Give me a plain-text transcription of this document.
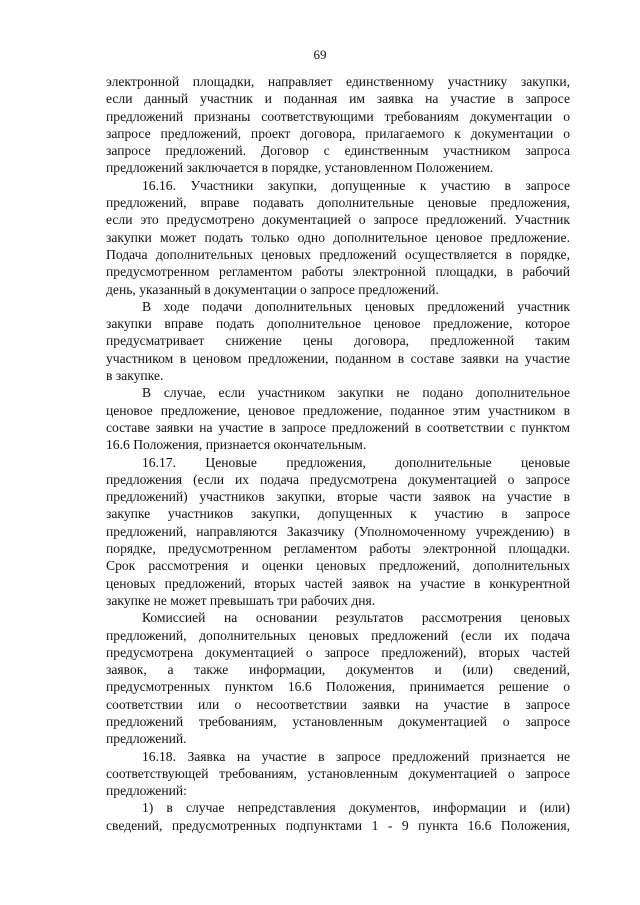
69
электронной площадки, направляет единственному участнику закупки,
если данный участник и поданная им заявка на участие в запросе
предложений признаны соответствующими требованиям документации о
запросе предложений, проект договора, прилагаемого к документации о
запросе предложений. Договор с единственным участником запроса
предложений заключается в порядке, установленном Положением.
16.16. Участники закупки, допущенные к участию в запросе
предложений, вправе подавать дополнительные ценовые предложения,
если это предусмотрено документацией о запросе предложений. Участник
закупки может подать только одно дополнительное ценовое предложение.
Подача дополнительных ценовых предложений осуществляется в порядке,
предусмотренном регламентом работы электронной площадки, в рабочий
день, указанный в документации о запросе предложений.
В ходе подачи дополнительных ценовых предложений участник
закупки вправе подать дополнительное ценовое предложение, которое
предусматривает снижение цены договора, предложенной таким
участником в ценовом предложении, поданном в составе заявки на участие
в закупке.
В случае, если участником закупки не подано дополнительное
ценовое предложение, ценовое предложение, поданное этим участником в
составе заявки на участие в запросе предложений в соответствии с пунктом
16.6 Положения, признается окончательным.
16.17. Ценовые предложения, дополнительные ценовые
предложения (если их подача предусмотрена документацией о запросе
предложений) участников закупки, вторые части заявок на участие в
закупке участников закупки, допущенных к участию в запросе
предложений, направляются Заказчику (Уполномоченному учреждению) в
порядке, предусмотренном регламентом работы электронной площадки.
Срок рассмотрения и оценки ценовых предложений, дополнительных
ценовых предложений, вторых частей заявок на участие в конкурентной
закупке не может превышать три рабочих дня.
Комиссией на основании результатов рассмотрения ценовых
предложений, дополнительных ценовых предложений (если их подача
предусмотрена документацией о запросе предложений), вторых частей
заявок, а также информации, документов и (или) сведений,
предусмотренных пунктом 16.6 Положения, принимается решение о
соответствии или о несоответствии заявки на участие в запросе
предложений требованиям, установленным документацией о запросе
предложений.
16.18. Заявка на участие в запросе предложений признается не
соответствующей требованиям, установленным документацией о запросе
предложений:
1) в случае непредставления документов, информации и (или)
сведений, предусмотренных подпунктами 1 - 9 пункта 16.6 Положения,
